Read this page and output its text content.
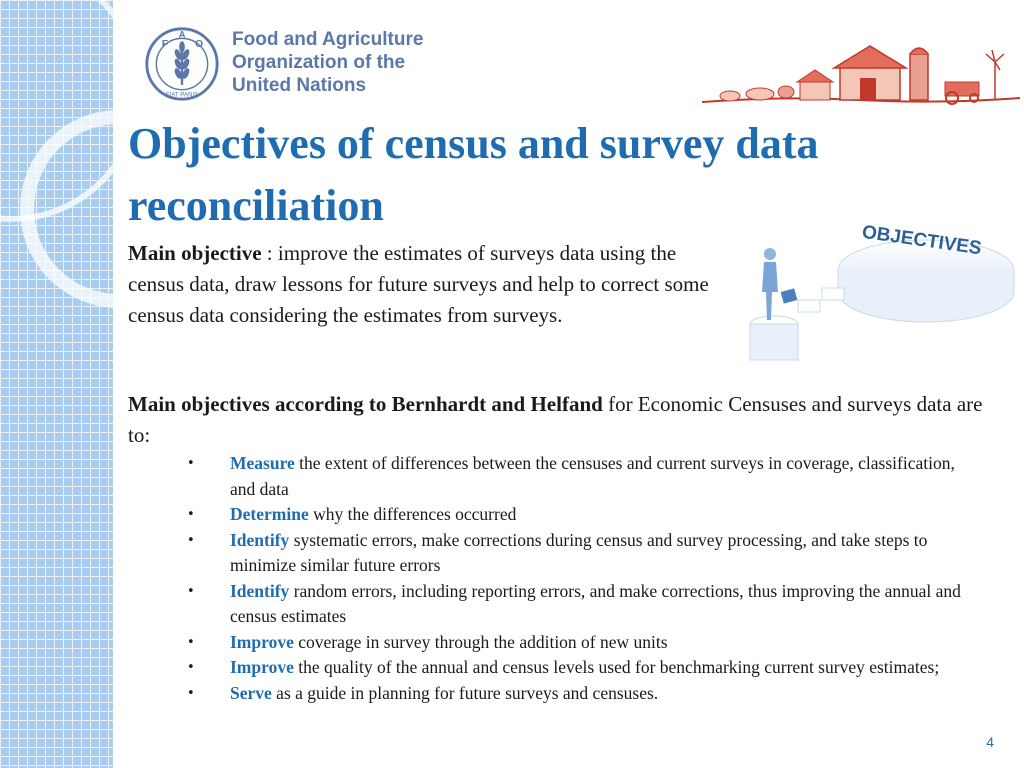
F
A
O
FIAT PANIS
Food and Agriculture
Organization of the
United Nations
Objectives of census and survey data reconciliation

Main objective : improve the estimates of surveys data using the census data, draw lessons for future surveys and help to correct some census data considering the estimates from surveys.

OBJECTIVES

Main objectives according to Bernhardt and Helfand for Economic Censuses and surveys data are to:

• Measure the extent of differences between the censuses and current surveys in coverage, classification, and data
• Determine why the differences occurred
• Identify systematic errors, make corrections during census and survey processing, and take steps to minimize similar future errors
• Identify random errors, including reporting errors, and make corrections, thus improving the annual and census estimates
• Improve coverage in survey through the addition of new units
• Improve the quality of the annual and census levels used for benchmarking current survey estimates;
• Serve as a guide in planning for future surveys and censuses.
4
